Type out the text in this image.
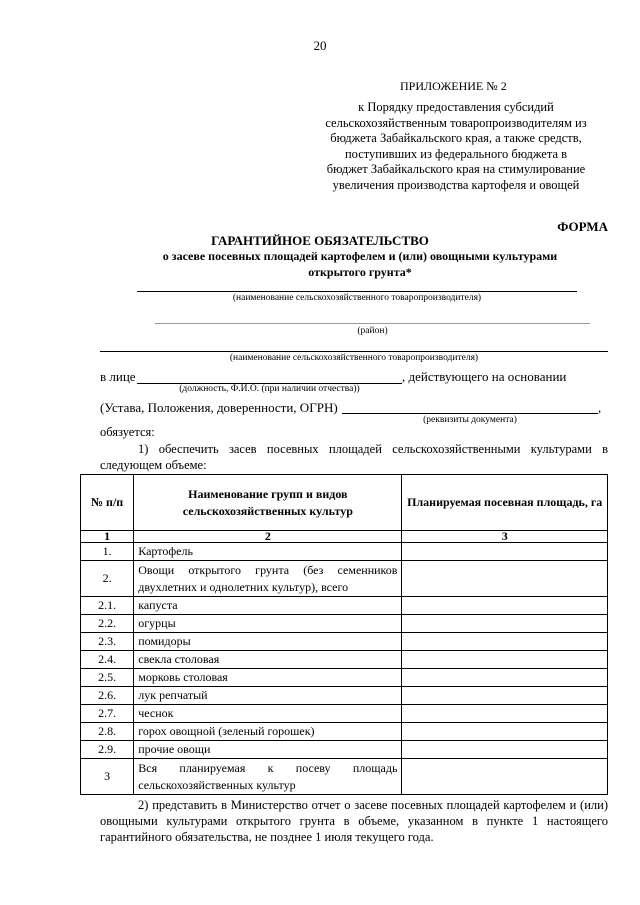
20
ПРИЛОЖЕНИЕ № 2
к Порядку предоставления субсидий
сельскохозяйственным товаропроизводителям из
бюджета Забайкальского края, а также средств,
поступивших из федерального бюджета в
бюджет Забайкальского края на стимулирование
увеличения производства картофеля и овощей
ФОРМА
ГАРАНТИЙНОЕ ОБЯЗАТЕЛЬСТВО
о засеве посевных площадей картофелем и (или) овощными культурами
открытого грунта*
(наименование сельскохозяйственного товаропроизводителя)
(район)
(наименование сельскохозяйственного товаропроизводителя)
в лице	, действующего на основании
(должность, Ф.И.О. (при наличии отчества))
(Устава, Положения, доверенности, ОГРН)	,
(реквизиты документа)
обязуется:
1) обеспечить засев посевных площадей сельскохозяйственными культурами в следующем объеме:
№ п/п	Наименование групп и видов сельскохозяйственных культур	Планируемая посевная площадь, га
1	2	3
1.	Картофель	
2.	Овощи открытого грунта (без семенников двухлетних и однолетних культур), всего	
2.1.	капуста	
2.2.	огурцы	
2.3.	помидоры	
2.4.	свекла столовая	
2.5.	морковь столовая	
2.6.	лук репчатый	
2.7.	чеснок	
2.8.	горох овощной (зеленый горошек)	
2.9.	прочие овощи	
3	Вся планируемая к посеву площадь сельскохозяйственных культур	
2) представить в Министерство отчет о засеве посевных площадей картофелем и (или) овощными культурами открытого грунта в объеме, указанном в пункте 1 настоящего гарантийного обязательства, не позднее 1 июля текущего года.
